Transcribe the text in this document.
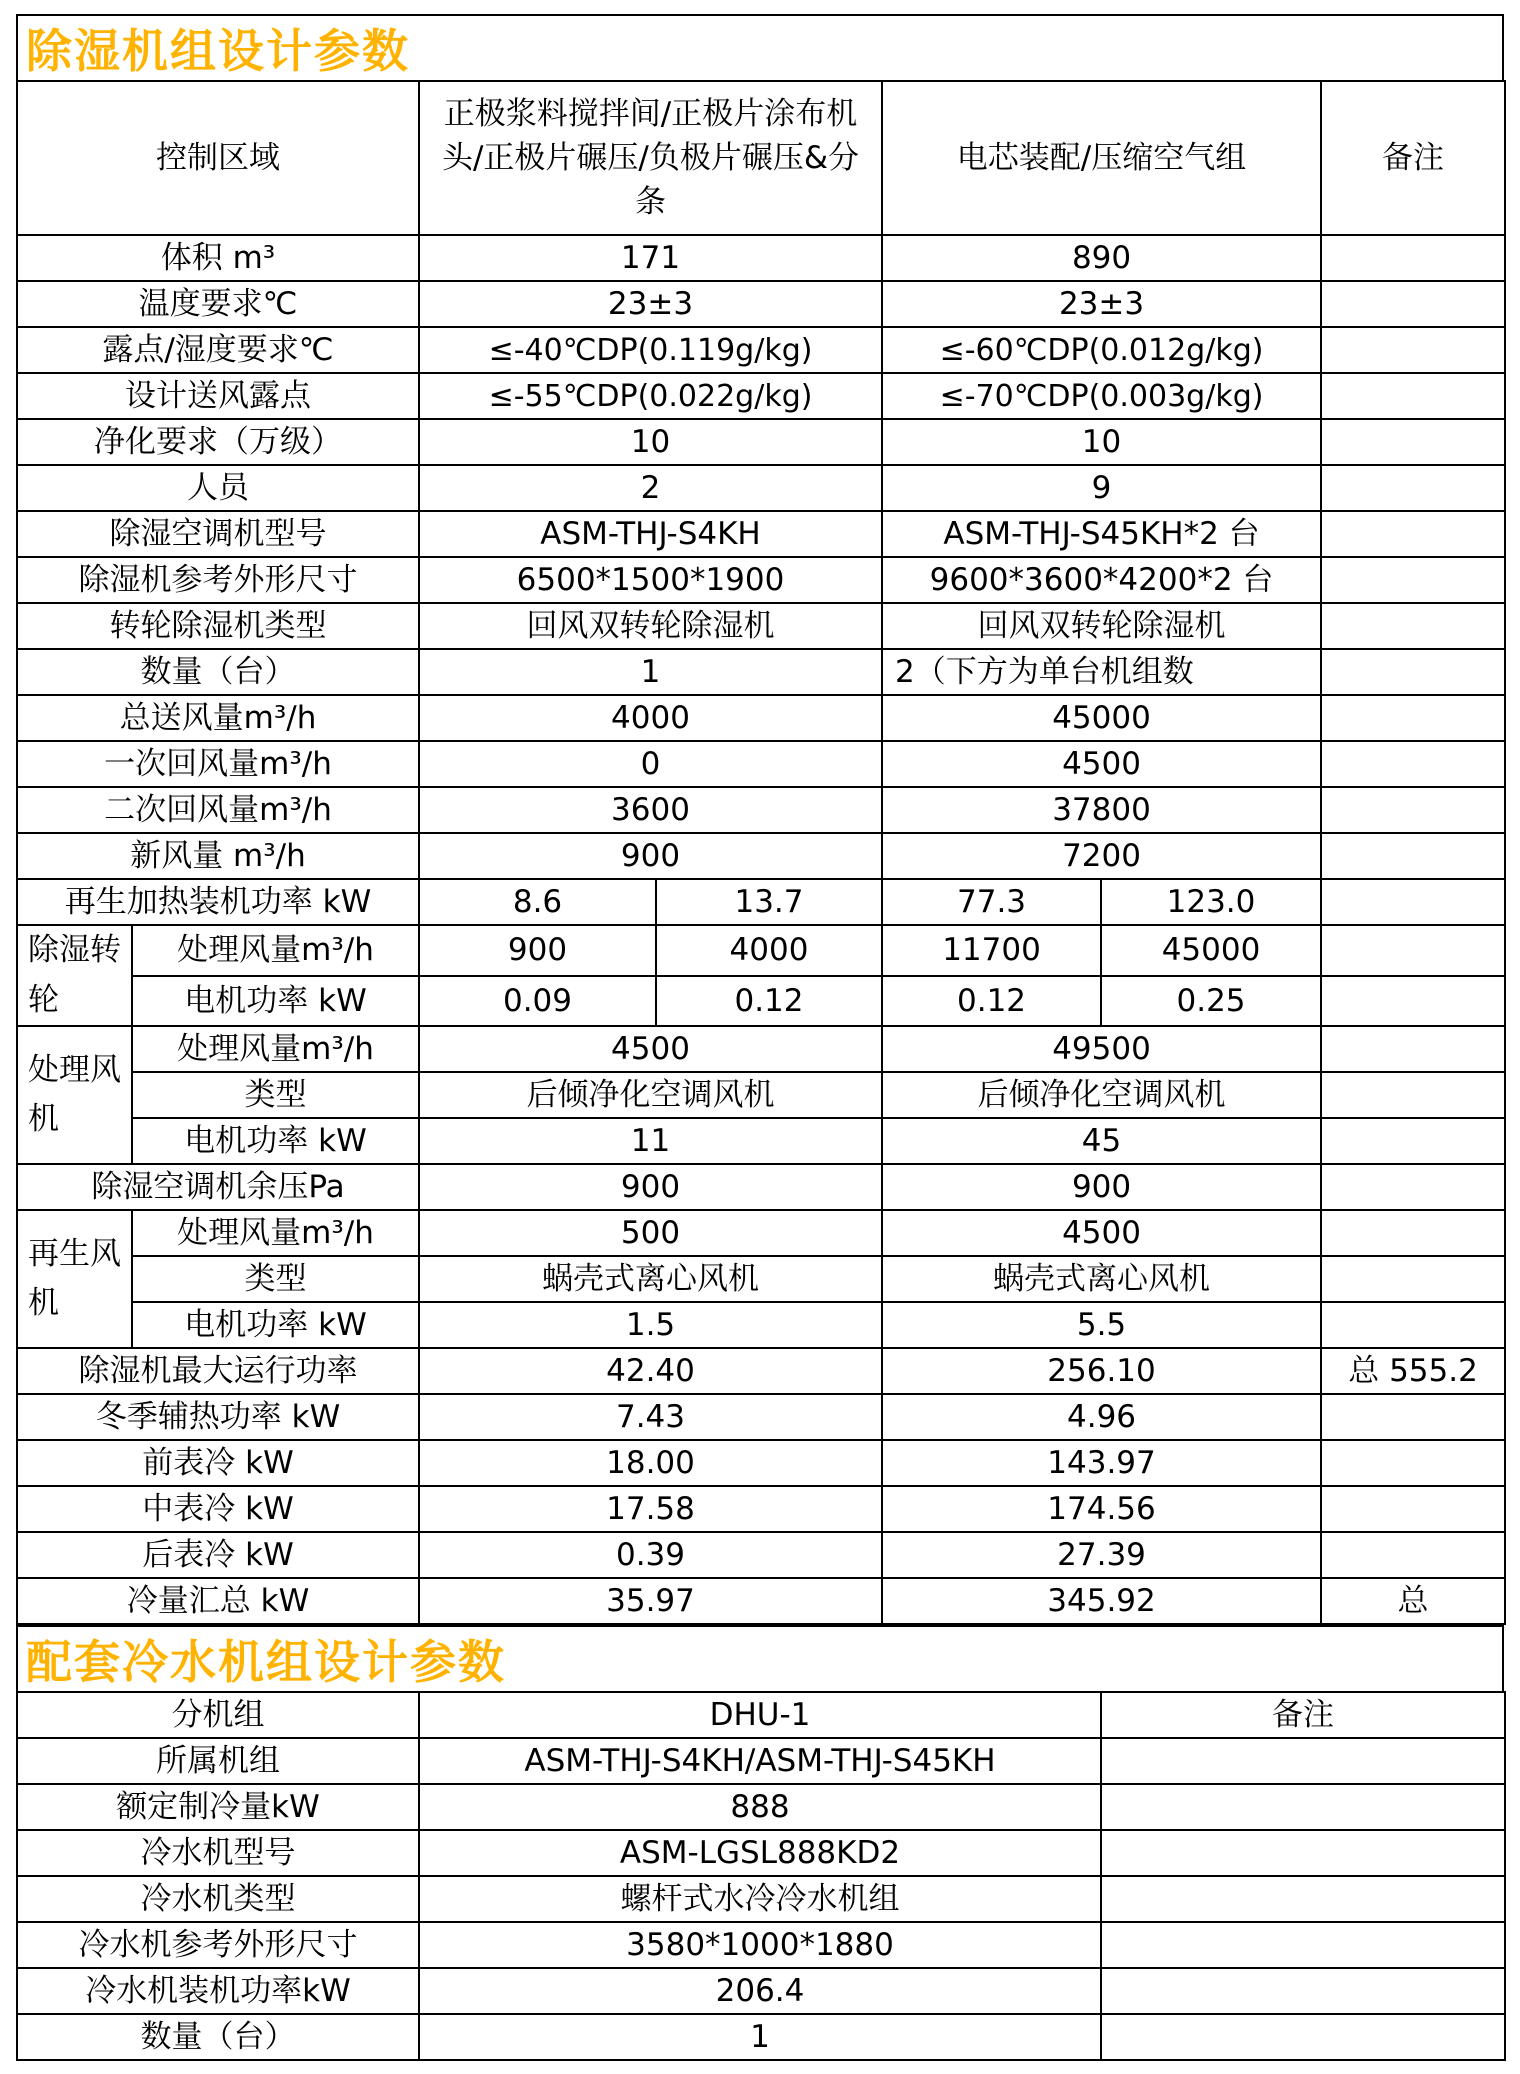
除湿机组设计参数
控制区域		正极浆料搅拌间/正极片涂布机头/正极片碾压/负极片碾压&分条		电芯装配/压缩空气组		备注
体积 m³		171		890		
温度要求℃		23±3		23±3		
露点/湿度要求℃		≤-40℃DP(0.119g/kg)		≤-60℃DP(0.012g/kg)		
设计送风露点		≤-55℃DP(0.022g/kg)		≤-70℃DP(0.003g/kg)		
净化要求（万级）		10		10		
人员		2		9		
除湿空调机型号		ASM-THJ-S4KH		ASM-THJ-S45KH*2 台		
除湿机参考外形尺寸		6500*1500*1900		9600*3600*4200*2 台		
转轮除湿机类型		回风双转轮除湿机		回风双转轮除湿机		
数量（台）		1		2（下方为单台机组数		
总送风量m³/h		4000		45000		
一次回风量m³/h		0		4500		
二次回风量m³/h		3600		37800		
新风量 m³/h		900		7200		
再生加热装机功率 kW		8.6	13.7	77.3	123.0	
除湿转轮	处理风量m³/h	900	4000	11700	45000	
	电机功率 kW	0.09	0.12	0.12	0.25	
处理风机	处理风量m³/h	4500		49500		
	类型	后倾净化空调风机		后倾净化空调风机		
	电机功率 kW	11		45		
除湿空调机余压Pa		900		900		
再生风机	处理风量m³/h	500		4500		
	类型	蜗壳式离心风机		蜗壳式离心风机		
	电机功率 kW	1.5		5.5		
除湿机最大运行功率		42.40		256.10		总 555.2
冬季辅热功率 kW		7.43		4.96		
前表冷 kW		18.00		143.97		
中表冷 kW		17.58		174.56		
后表冷 kW		0.39		27.39		
冷量汇总 kW		35.97		345.92		总
配套冷水机组设计参数
分机组	DHU-1	备注
所属机组	ASM-THJ-S4KH/ASM-THJ-S45KH	
额定制冷量kW	888	
冷水机型号	ASM-LGSL888KD2	
冷水机类型	螺杆式水冷冷水机组	
冷水机参考外形尺寸	3580*1000*1880	
冷水机装机功率kW	206.4	
数量（台）	1	
